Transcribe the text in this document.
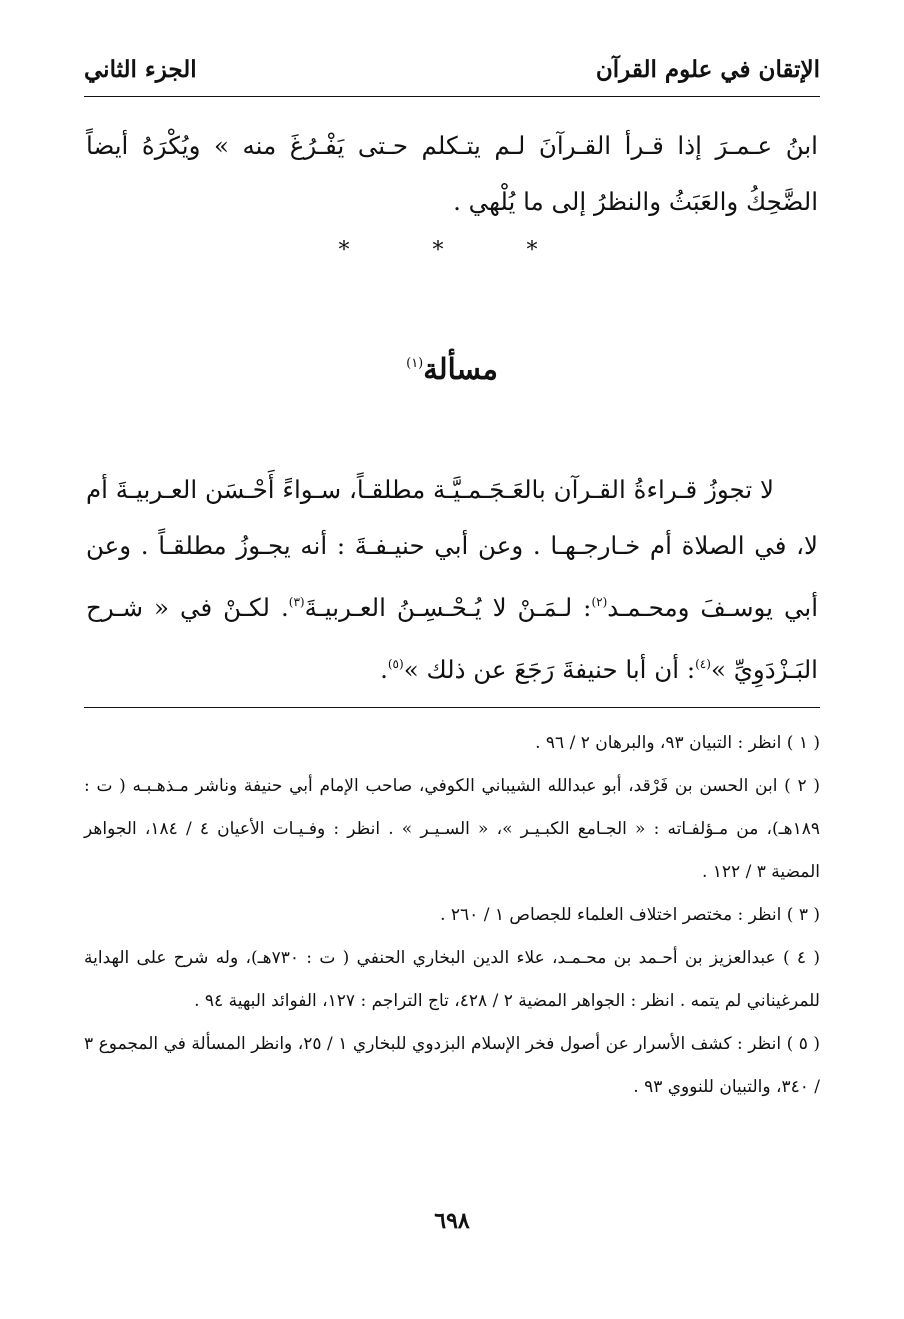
الإتقان في علوم القرآن
الجزء الثاني

ابنُ عـمـرَ إذا قـرأ القـرآنَ لـم يتـكلم حـتى يَفْـرُغَ منه » ويُكْرَهُ أيضاً الضَّحِكُ والعَبَثُ والنظرُ إلى ما يُلْهي .

*	*	*
مسألة$^{(١)}$

لا تجوزُ قـراءةُ القـرآن بالعَـجَـمـيَّـة مطلقـاً، سـواءً أَحْـسَن العـربيـةَ أم لا، في الصلاة أم خـارجـهـا . وعن أبي حنيـفـةَ : أنه يجـوزُ مطلقـاً . وعن أبي يوسـفَ ومحـمـد$^{(٢)}$: لـمَـنْ لا يُـحْـسِـنُ العـربيـةَ$^{(٣)}$. لكـنْ في « شـرح البَـزْدَوِيِّ »$^{(٤)}$: أن أبا حنيفةَ رَجَعَ عن ذلك »$^{(٥)}$.

( ١ ) انظر : التبيان ٩٣، والبرهان ٢ / ٩٦ .

( ٢ ) ابن الحسن بن فَرْقد، أبو عبدالله الشيباني الكوفي، صاحب الإمام أبي حنيفة وناشر مـذهـبـه ( ت : ١٨٩هـ)، من مـؤلفـاته : « الجـامع الكبـيـر »، « السـيـر » . انظر : وفـيـات الأعيان ٤ / ١٨٤، الجواهر المضية ٣ / ١٢٢ .

( ٣ ) انظر : مختصر اختلاف العلماء للجصاص ١ / ٢٦٠ .

( ٤ ) عبدالعزيز بن أحـمد بن محـمـد، علاء الدين البخاري الحنفي ( ت : ٧٣٠هـ)، وله شرح على الهداية للمرغيناني لم يتمه . انظر : الجواهر المضية ٢ / ٤٢٨، تاج التراجم : ١٢٧، الفوائد البهية ٩٤ .

( ٥ ) انظر : كشف الأسرار عن أصول فخر الإسلام البزدوي للبخاري ١ / ٢٥، وانظر المسألة في المجموع ٣ / ٣٤٠، والتبيان للنووي ٩٣ .

٦٩٨
